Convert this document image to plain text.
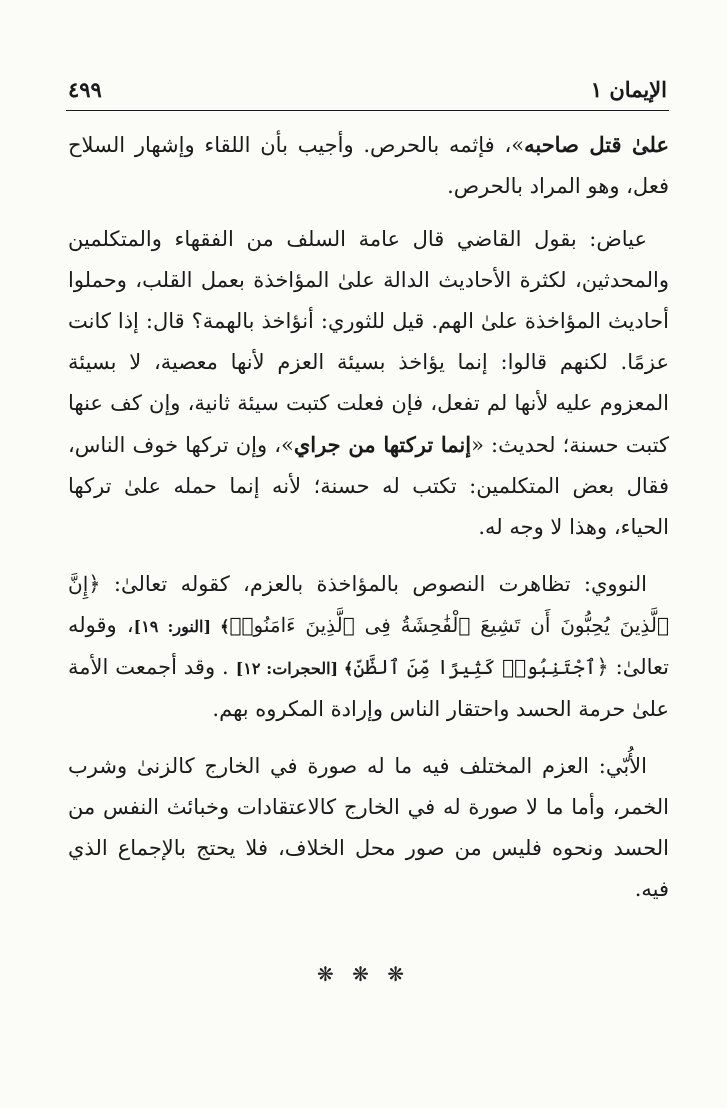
الإيمان ١
٤٩٩

علىٰ قتل صاحبه»، فإثمه بالحرص. وأجيب بأن اللقاء وإشهار السلاح فعل، وهو المراد بالحرص.

عياض: بقول القاضي قال عامة السلف من الفقهاء والمتكلمين والمحدثين، لكثرة الأحاديث الدالة علىٰ المؤاخذة بعمل القلب، وحملوا أحاديث المؤاخذة علىٰ الهم. قيل للثوري: أنؤاخذ بالهمة؟ قال: إذا كانت عزمًا. لكنهم قالوا: إنما يؤاخذ بسيئة العزم لأنها معصية، لا بسيئة المعزوم عليه لأنها لم تفعل، فإن فعلت كتبت سيئة ثانية، وإن كف عنها كتبت حسنة؛ لحديث: «إنما تركتها من جراي»، وإن تركها خوف الناس، فقال بعض المتكلمين: تكتب له حسنة؛ لأنه إنما حمله علىٰ تركها الحياء، وهذا لا وجه له.

النووي: تظاهرت النصوص بالمؤاخذة بالعزم، كقوله تعالىٰ: ﴿إِنَّ ٱلَّذِينَ يُحِبُّونَ أَن تَشِيعَ ٱلْفَٰحِشَةُ فِى ٱلَّذِينَ ءَامَنُوا۟﴾ [النور: ١٩]، وقوله تعالىٰ: ﴿ٱجْتَنِبُوا۟ كَثِيرًا مِّنَ ٱلظَّنِّ﴾ [الحجرات: ١٢] . وقد أجمعت الأمة علىٰ حرمة الحسد واحتقار الناس وإرادة المكروه بهم.

الأُبّي: العزم المختلف فيه ما له صورة في الخارج كالزنىٰ وشرب الخمر، وأما ما لا صورة له في الخارج كالاعتقادات وخبائث النفس من الحسد ونحوه فليس من صور محل الخلاف، فلا يحتج بالإجماع الذي فيه.

❋ ❋ ❋
